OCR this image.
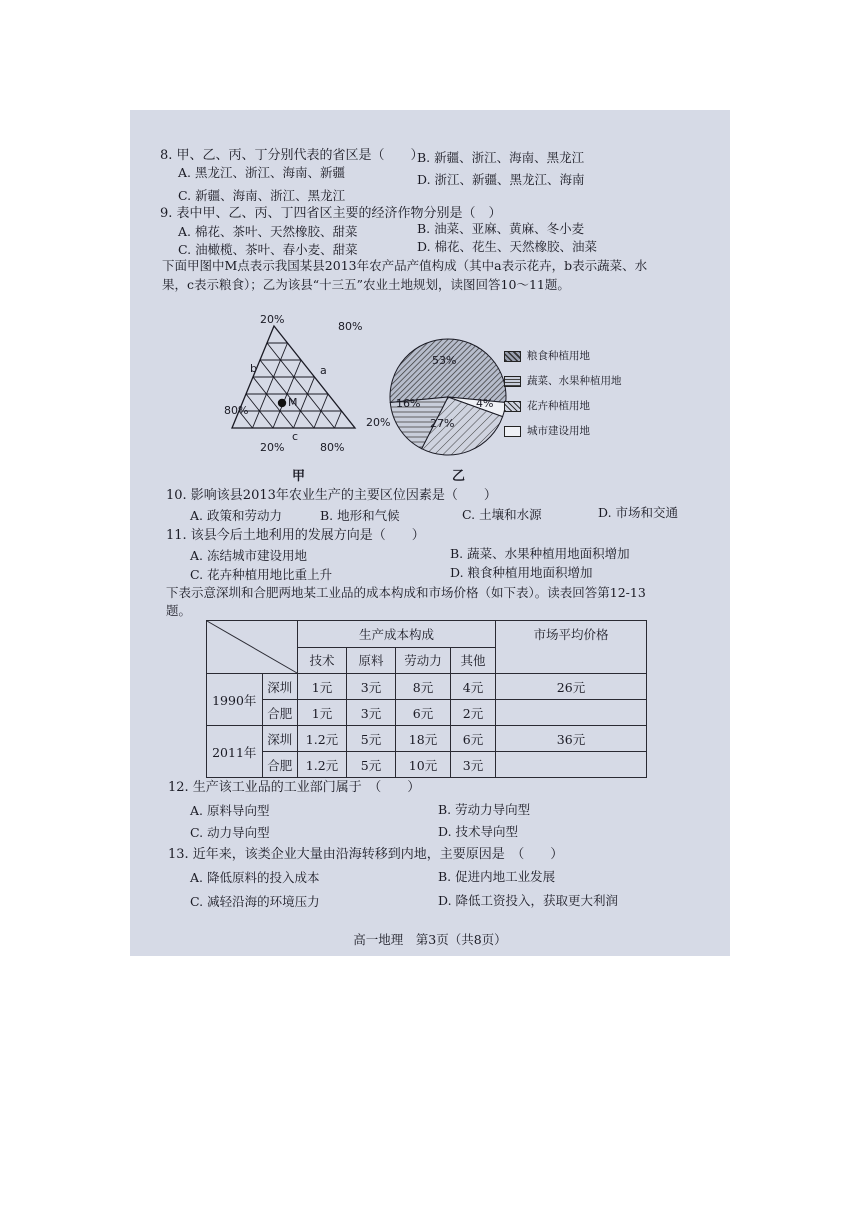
8. 甲、乙、丙、丁分别代表的省区是（　　）
A. 黑龙江、浙江、海南、新疆
B. 新疆、浙江、海南、黑龙江
C. 新疆、海南、浙江、黑龙江
D. 浙江、新疆、黑龙江、海南
9. 表中甲、乙、丙、丁四省区主要的经济作物分别是（　）
A. 棉花、茶叶、天然橡胶、甜菜	B. 油菜、亚麻、黄麻、冬小麦
C. 油橄榄、茶叶、春小麦、甜菜	D. 棉花、花生、天然橡胶、油菜
下面甲图中M点表示我国某县2013年农产品产值构成（其中a表示花卉，b表示蔬菜、水
果，c表示粮食）；乙为该县“十三五”农业土地规划，读图回答10～11题。
M
20%
80%
80%
20%
20%	80%
b	a
c
甲
53%
16%
27%
4%
乙
粮食种植用地
蔬菜、水果种植用地
花卉种植用地
城市建设用地
10. 影响该县2013年农业生产的主要区位因素是（　　）
A. 政策和劳动力	B. 地形和气候	C. 土壤和水源	D. 市场和交通
11. 该县今后土地利用的发展方向是（　　）
A. 冻结城市建设用地	B. 蔬菜、水果种植用地面积增加
C. 花卉种植用地比重上升	D. 粮食种植用地面积增加
下表示意深圳和合肥两地某工业品的成本构成和市场价格（如下表）。读表回答第12-13
题。
	生产成本构成				市场平均价格
		技术	原料	劳动力	其他	
1990年	深圳	1元	3元	8元	4元	26元
	合肥	1元	3元	6元	2元	
2011年	深圳	1.2元	5元	18元	6元	36元
	合肥	1.2元	5元	10元	3元	
12. 生产该工业品的工业部门属于　（　　）
A. 原料导向型	B. 劳动力导向型
C. 动力导向型	D. 技术导向型
13. 近年来，该类企业大量由沿海转移到内地，主要原因是　（　　）
A. 降低原料的投入成本	B. 促进内地工业发展
C. 减轻沿海的环境压力	D. 降低工资投入，获取更大利润
高一地理　第3页（共8页）
